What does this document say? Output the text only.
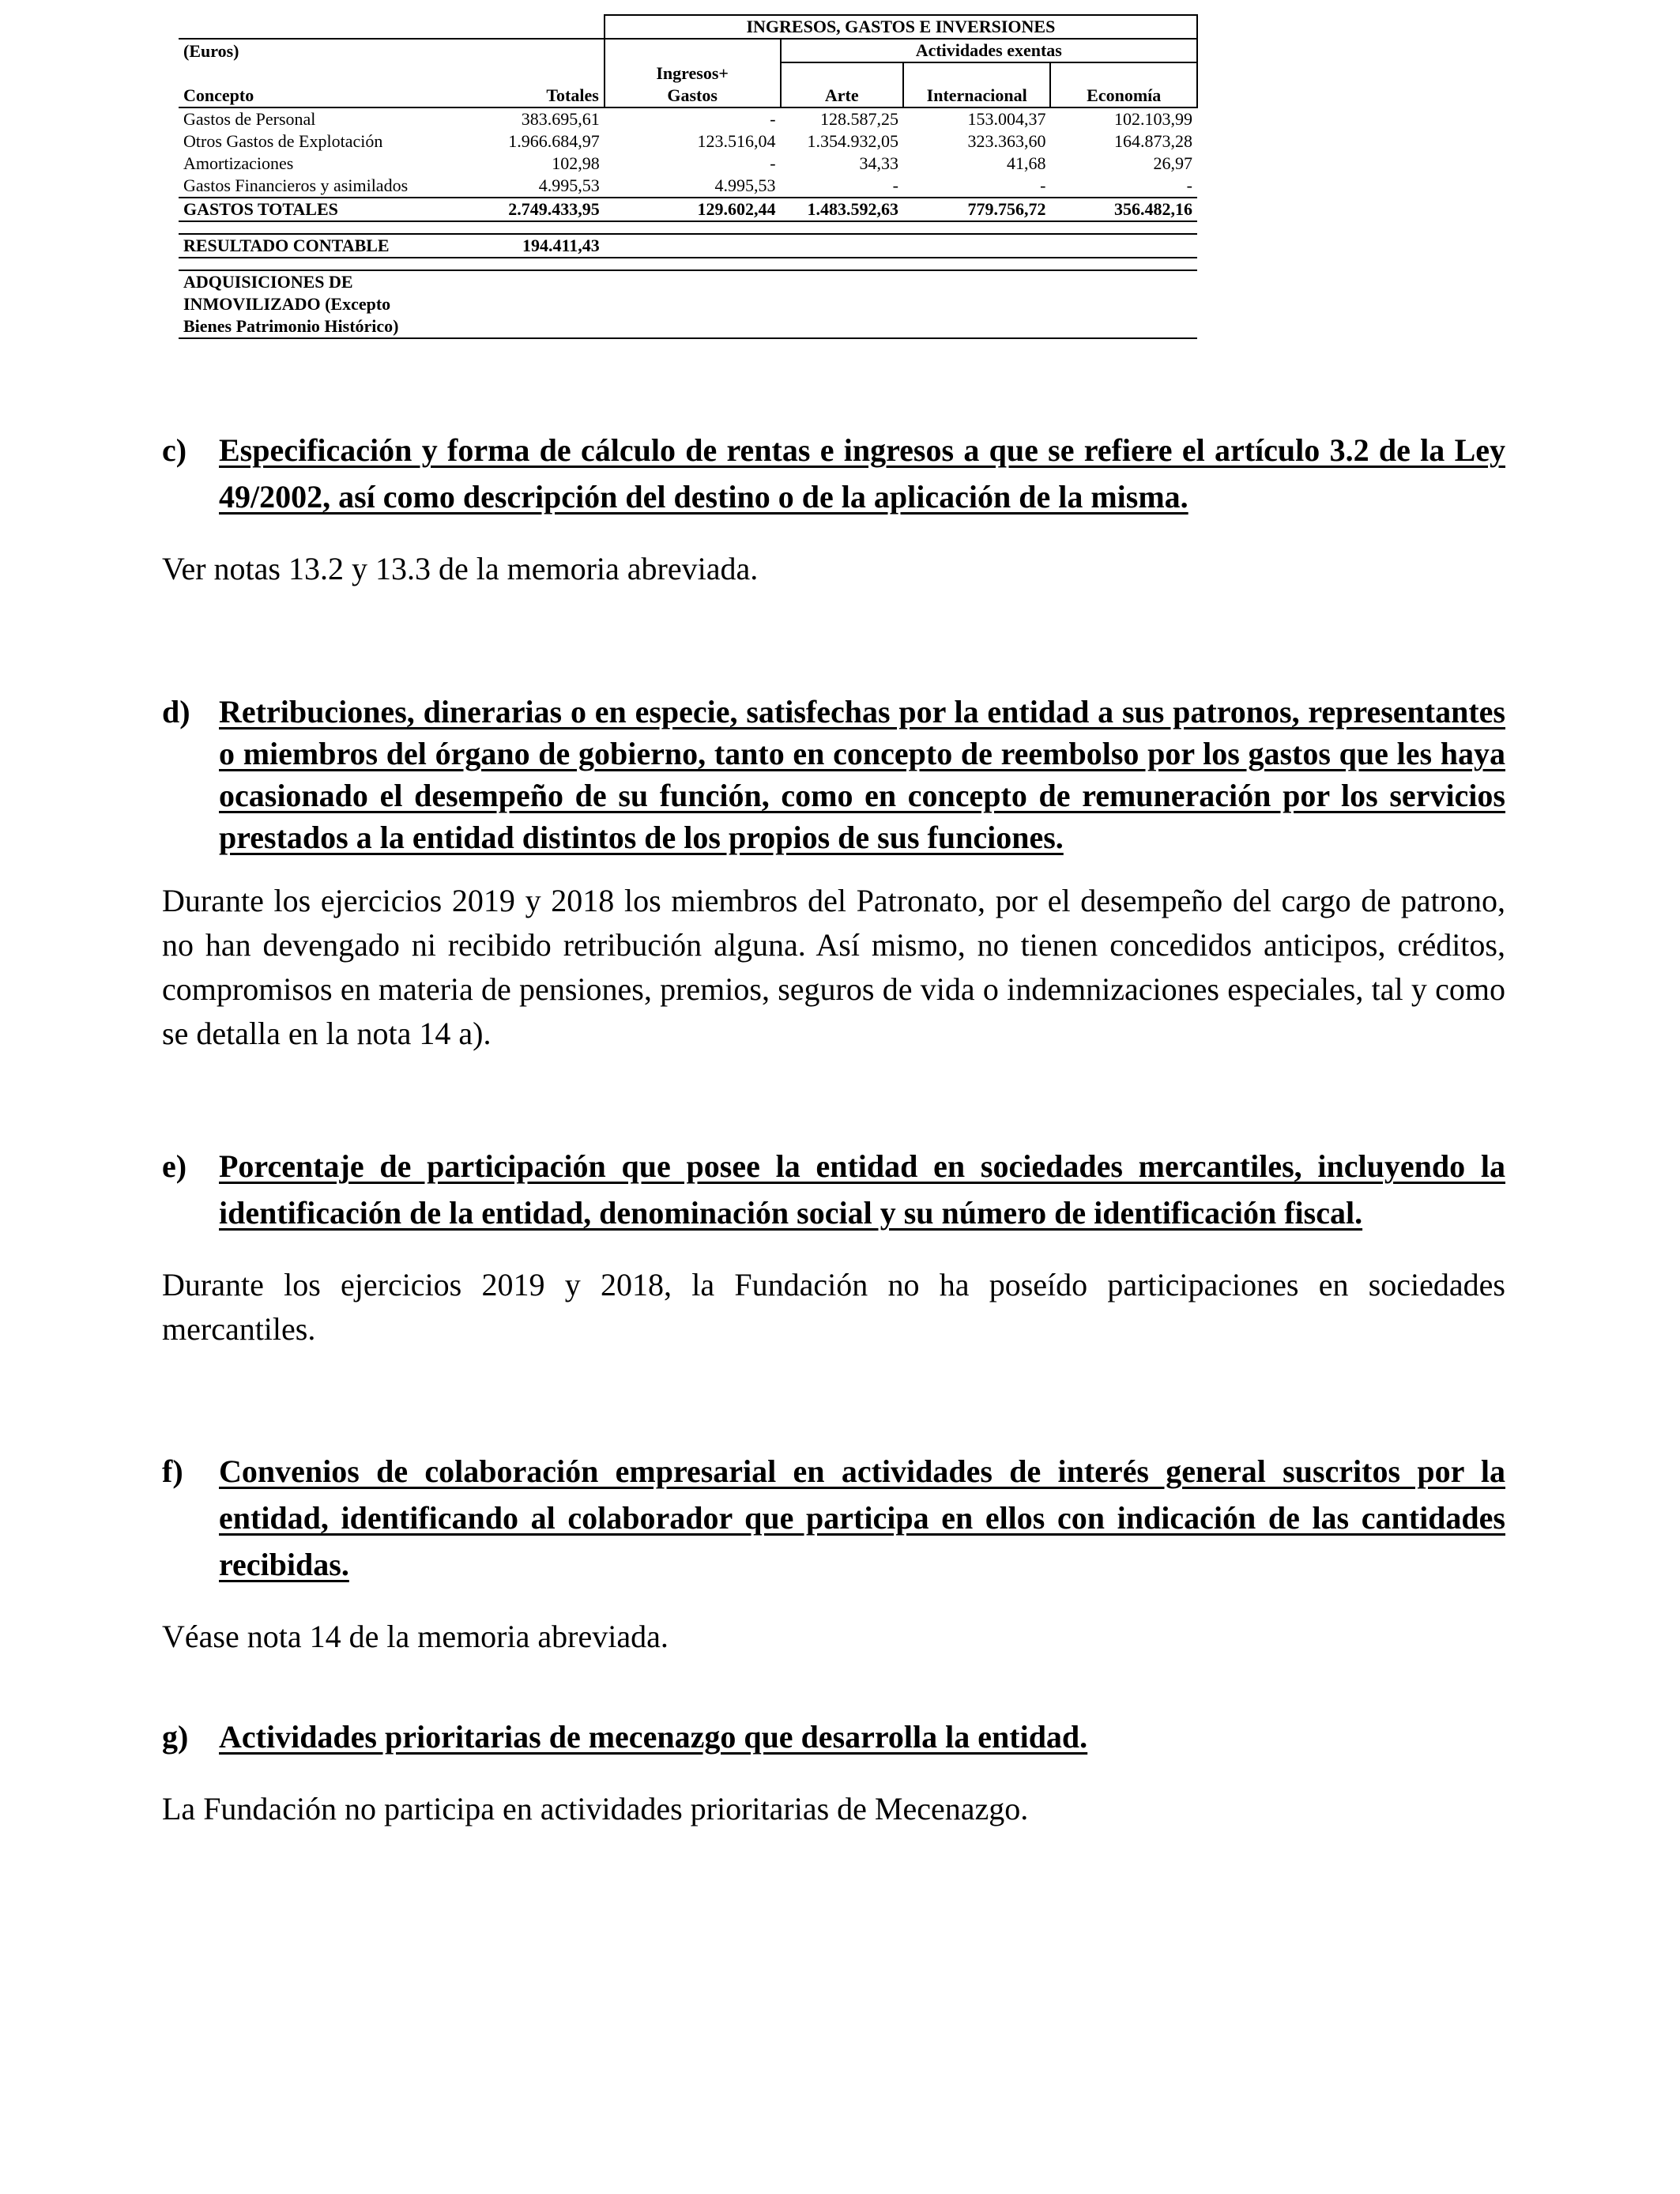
		INGRESOS, GASTOS E INVERSIONES			
(Euros)			Actividades exentas		
		Ingresos+			
Concepto	Totales	Gastos	Arte	Internacional	Economía
Gastos de Personal	383.695,61	-	128.587,25	153.004,37	102.103,99
Otros Gastos de Explotación	1.966.684,97	123.516,04	1.354.932,05	323.363,60	164.873,28
Amortizaciones	102,98	-	34,33	41,68	26,97
Gastos Financieros y asimilados	4.995,53	4.995,53	-	-	-
GASTOS TOTALES	2.749.433,95	129.602,44	1.483.592,63	779.756,72	356.482,16

RESULTADO CONTABLE	194.411,43				

ADQUISICIONES DE
INMOVILIZADO (Excepto
Bienes Patrimonio Histórico)					

c)	Especificación y forma de cálculo de rentas e ingresos a que se refiere el artículo 3.2 de la Ley 49/2002, así como descripción del destino o de la aplicación de la misma.

Ver notas 13.2 y 13.3 de la memoria abreviada.

d) Retribuciones, dinerarias o en especie, satisfechas por la entidad a sus patronos, representantes o miembros del órgano de gobierno, tanto en concepto de reembolso por los gastos que les haya ocasionado el desempeño de su función, como en concepto de remuneración por los servicios prestados a la entidad distintos de los propios de sus funciones.

Durante los ejercicios 2019 y 2018 los miembros del Patronato, por el desempeño del cargo de patrono, no han devengado ni recibido retribución alguna. Así mismo, no tienen concedidos anticipos, créditos, compromisos en materia de pensiones, premios, seguros de vida o indemnizaciones especiales, tal y como se detalla en la nota 14 a).

e)	Porcentaje de participación que posee la entidad en sociedades mercantiles, incluyendo la identificación de la entidad, denominación social y su número de identificación fiscal.

Durante los ejercicios 2019 y 2018, la Fundación no ha poseído participaciones en sociedades mercantiles.

f)	Convenios de colaboración empresarial en actividades de interés general suscritos por la entidad, identificando al colaborador que participa en ellos con indicación de las cantidades recibidas.

Véase nota 14 de la memoria abreviada.

g) Actividades prioritarias de mecenazgo que desarrolla la entidad.

La Fundación no participa en actividades prioritarias de Mecenazgo.
